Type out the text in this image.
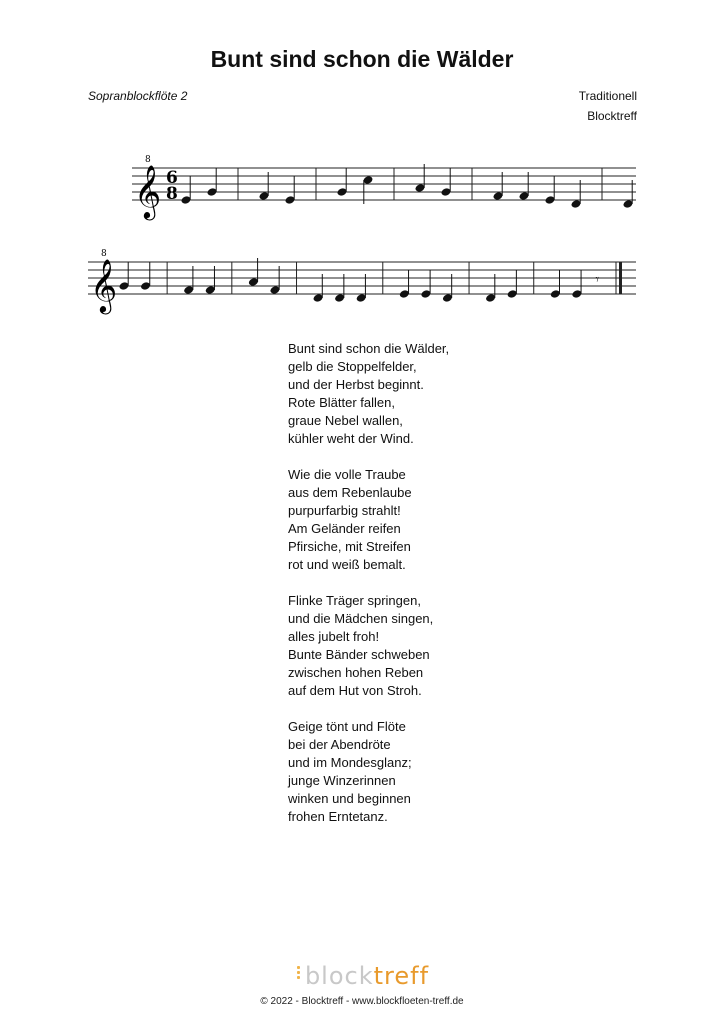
Bunt sind schon die Wälder
Sopranblockflöte 2	Traditionell
Blocktreff
𝄞
8
6
8
𝄞
8
𝄾
Bunt sind schon die Wälder,
gelb die Stoppelfelder,
und der Herbst beginnt.
Rote Blätter fallen,
graue Nebel wallen,
kühler weht der Wind.
Wie die volle Traube
aus dem Rebenlaube
purpurfarbig strahlt!
Am Geländer reifen
Pfirsiche, mit Streifen
rot und weiß bemalt.
Flinke Träger springen,
und die Mädchen singen,
alles jubelt froh!
Bunte Bänder schweben
zwischen hohen Reben
auf dem Hut von Stroh.
Geige tönt und Flöte
bei der Abendröte
und im Mondesglanz;
junge Winzerinnen
winken und beginnen
frohen Erntetanz.
blocktreff
© 2022 - Blocktreff - www.blockfloeten-treff.de
